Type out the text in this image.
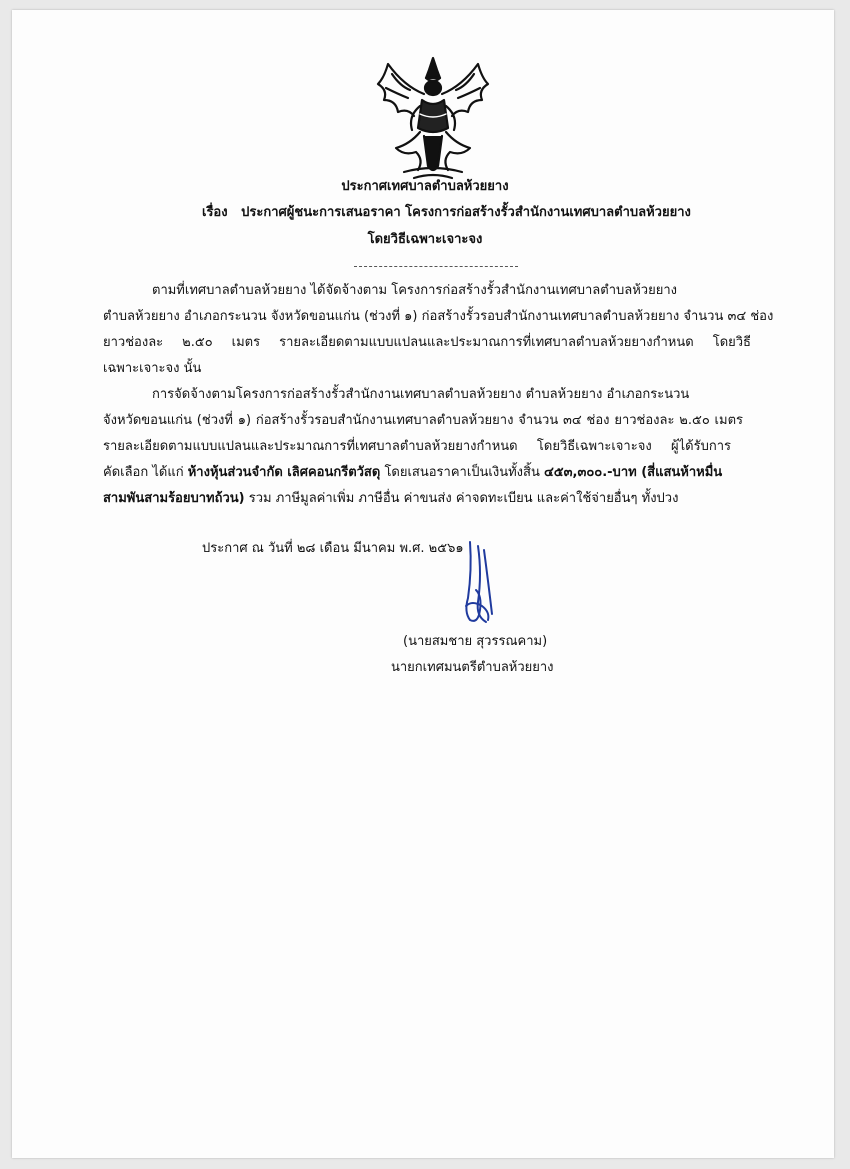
ประกาศเทศบาลตำบลห้วยยาง
เรื่อง ประกาศผู้ชนะการเสนอราคา โครงการก่อสร้างรั้วสำนักงานเทศบาลตำบลห้วยยาง
โดยวิธีเฉพาะเจาะจง
ตามที่เทศบาลตำบลห้วยยาง ได้จัดจ้างตาม โครงการก่อสร้างรั้วสำนักงานเทศบาลตำบลห้วยยาง
ตำบลห้วยยาง อำเภอกระนวน จังหวัดขอนแก่น (ช่วงที่ ๑) ก่อสร้างรั้วรอบสำนักงานเทศบาลตำบลห้วยยาง จำนวน ๓๔ ช่อง
ยาวช่องละ ๒.๕๐ เมตร รายละเอียดตามแบบแปลนและประมาณการที่เทศบาลตำบลห้วยยางกำหนด โดยวิธี
เฉพาะเจาะจง นั้น
การจัดจ้างตามโครงการก่อสร้างรั้วสำนักงานเทศบาลตำบลห้วยยาง ตำบลห้วยยาง อำเภอกระนวน
จังหวัดขอนแก่น (ช่วงที่ ๑) ก่อสร้างรั้วรอบสำนักงานเทศบาลตำบลห้วยยาง จำนวน ๓๔ ช่อง ยาวช่องละ ๒.๕๐ เมตร
รายละเอียดตามแบบแปลนและประมาณการที่เทศบาลตำบลห้วยยางกำหนด โดยวิธีเฉพาะเจาะจง ผู้ได้รับการ
คัดเลือก ได้แก่ ห้างหุ้นส่วนจำกัด เลิศคอนกรีตวัสดุ โดยเสนอราคาเป็นเงินทั้งสิ้น ๔๕๓,๓๐๐.-บาท (สี่แสนห้าหมื่น
สามพันสามร้อยบาทถ้วน) รวม ภาษีมูลค่าเพิ่ม ภาษีอื่น ค่าขนส่ง ค่าจดทะเบียน และค่าใช้จ่ายอื่นๆ ทั้งปวง
ประกาศ ณ วันที่ ๒๘ เดือน มีนาคม พ.ศ. ๒๕๖๑
(นายสมชาย สุวรรณคาม)
นายกเทศมนตรีตำบลห้วยยาง
